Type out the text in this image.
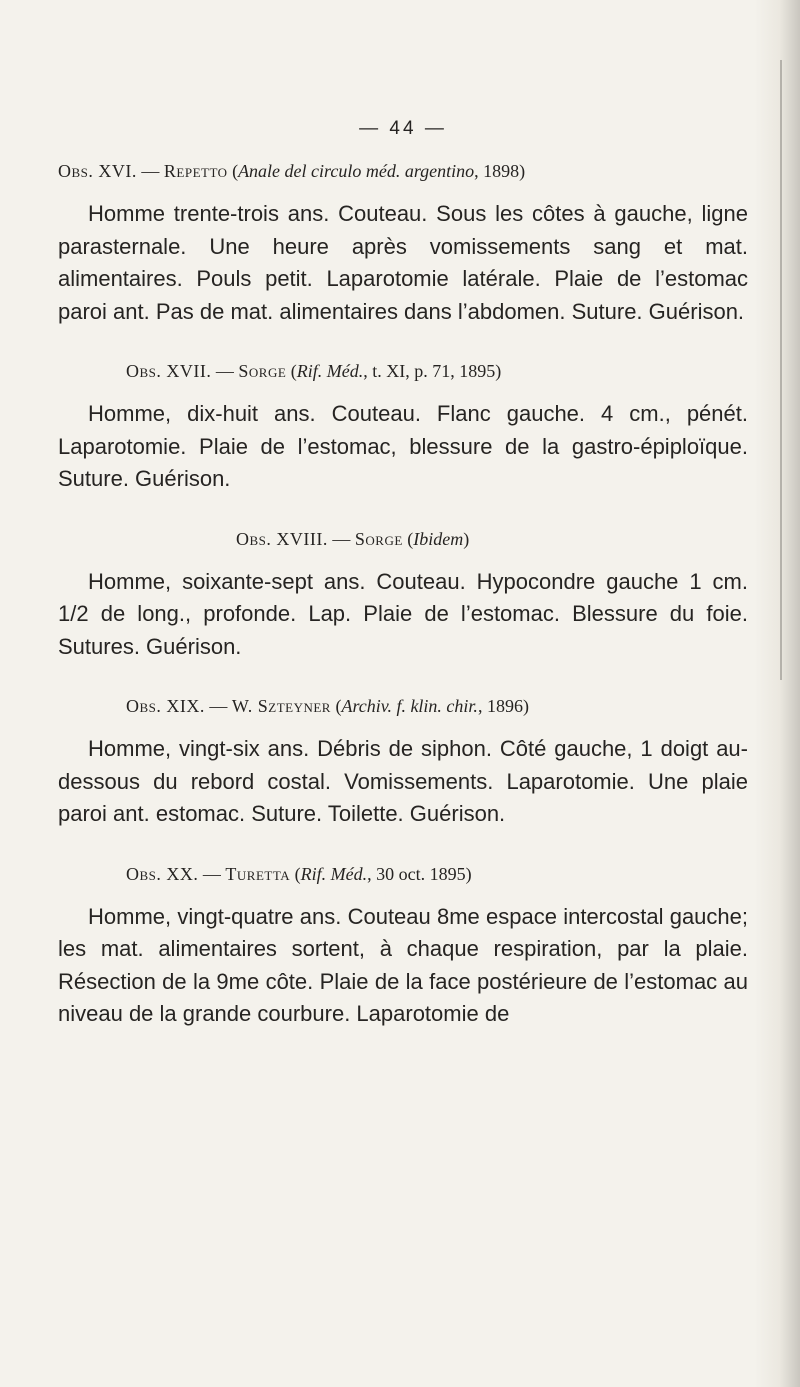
— 44 —
Obs. XVI. — Repetto (Anale del circulo méd. argentino, 1898)

Homme trente-trois ans. Couteau. Sous les côtes à gauche, ligne parasternale. Une heure après vomissements sang et mat. alimentaires. Pouls petit. Laparotomie latérale. Plaie de l’estomac paroi ant. Pas de mat. alimentaires dans l’abdomen. Suture. Guérison.

Obs. XVII. — Sorge (Rif. Méd., t. XI, p. 71, 1895)

Homme, dix-huit ans. Couteau. Flanc gauche. 4 cm., pénét. Laparotomie. Plaie de l’estomac, blessure de la gastro-épiploïque. Suture. Guérison.

Obs. XVIII. — Sorge (Ibidem)

Homme, soixante-sept ans. Couteau. Hypocondre gauche 1 cm. 1/2 de long., profonde. Lap. Plaie de l’estomac. Blessure du foie. Sutures. Guérison.

Obs. XIX. — W. Szteyner (Archiv. f. klin. chir., 1896)

Homme, vingt-six ans. Débris de siphon. Côté gauche, 1 doigt au-dessous du rebord costal. Vomissements. Laparotomie. Une plaie paroi ant. estomac. Suture. Toilette. Guérison.

Obs. XX. — Turetta (Rif. Méd., 30 oct. 1895)

Homme, vingt-quatre ans. Couteau 8me espace intercostal gauche; les mat. alimentaires sortent, à chaque respiration, par la plaie. Résection de la 9me côte. Plaie de la face postérieure de l’estomac au niveau de la grande courbure. Laparotomie de
